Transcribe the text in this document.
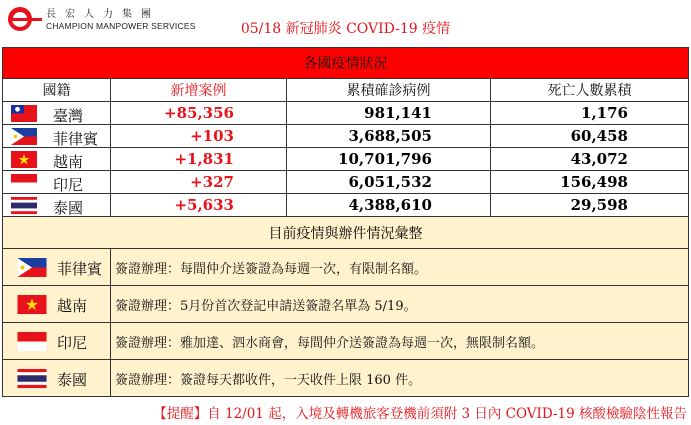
長宏人力集團
CHAMPION MANPOWER SERVICES	05/18 新冠肺炎 COVID-19 疫情
各國疫情狀況			
國籍	新增案例	累積確診病例	死亡人數累積

臺灣	+85,356	981,141	1,176

菲律賓	+103	3,688,505	60,458

越南	+1,831	10,701,796	43,072

印尼	+327	6,051,532	156,498

泰國	+5,633	4,388,610	29,598
目前疫情與辦件情況彙整			

菲律賓	簽證辦理：每間仲介送簽證為每週一次，有限制名額。		

越南	簽證辦理：5月份首次登記申請送簽證名單為 5/19。		

印尼	簽證辦理：雅加達、泗水商會，每間仲介送簽證為每週一次，無限制名額。		

泰國	簽證辦理：簽證每天都收件，一天收件上限 160 件。		
【提醒】自 12/01 起，入境及轉機旅客登機前須附 3 日內 COVID-19 核酸檢驗陰性報告
